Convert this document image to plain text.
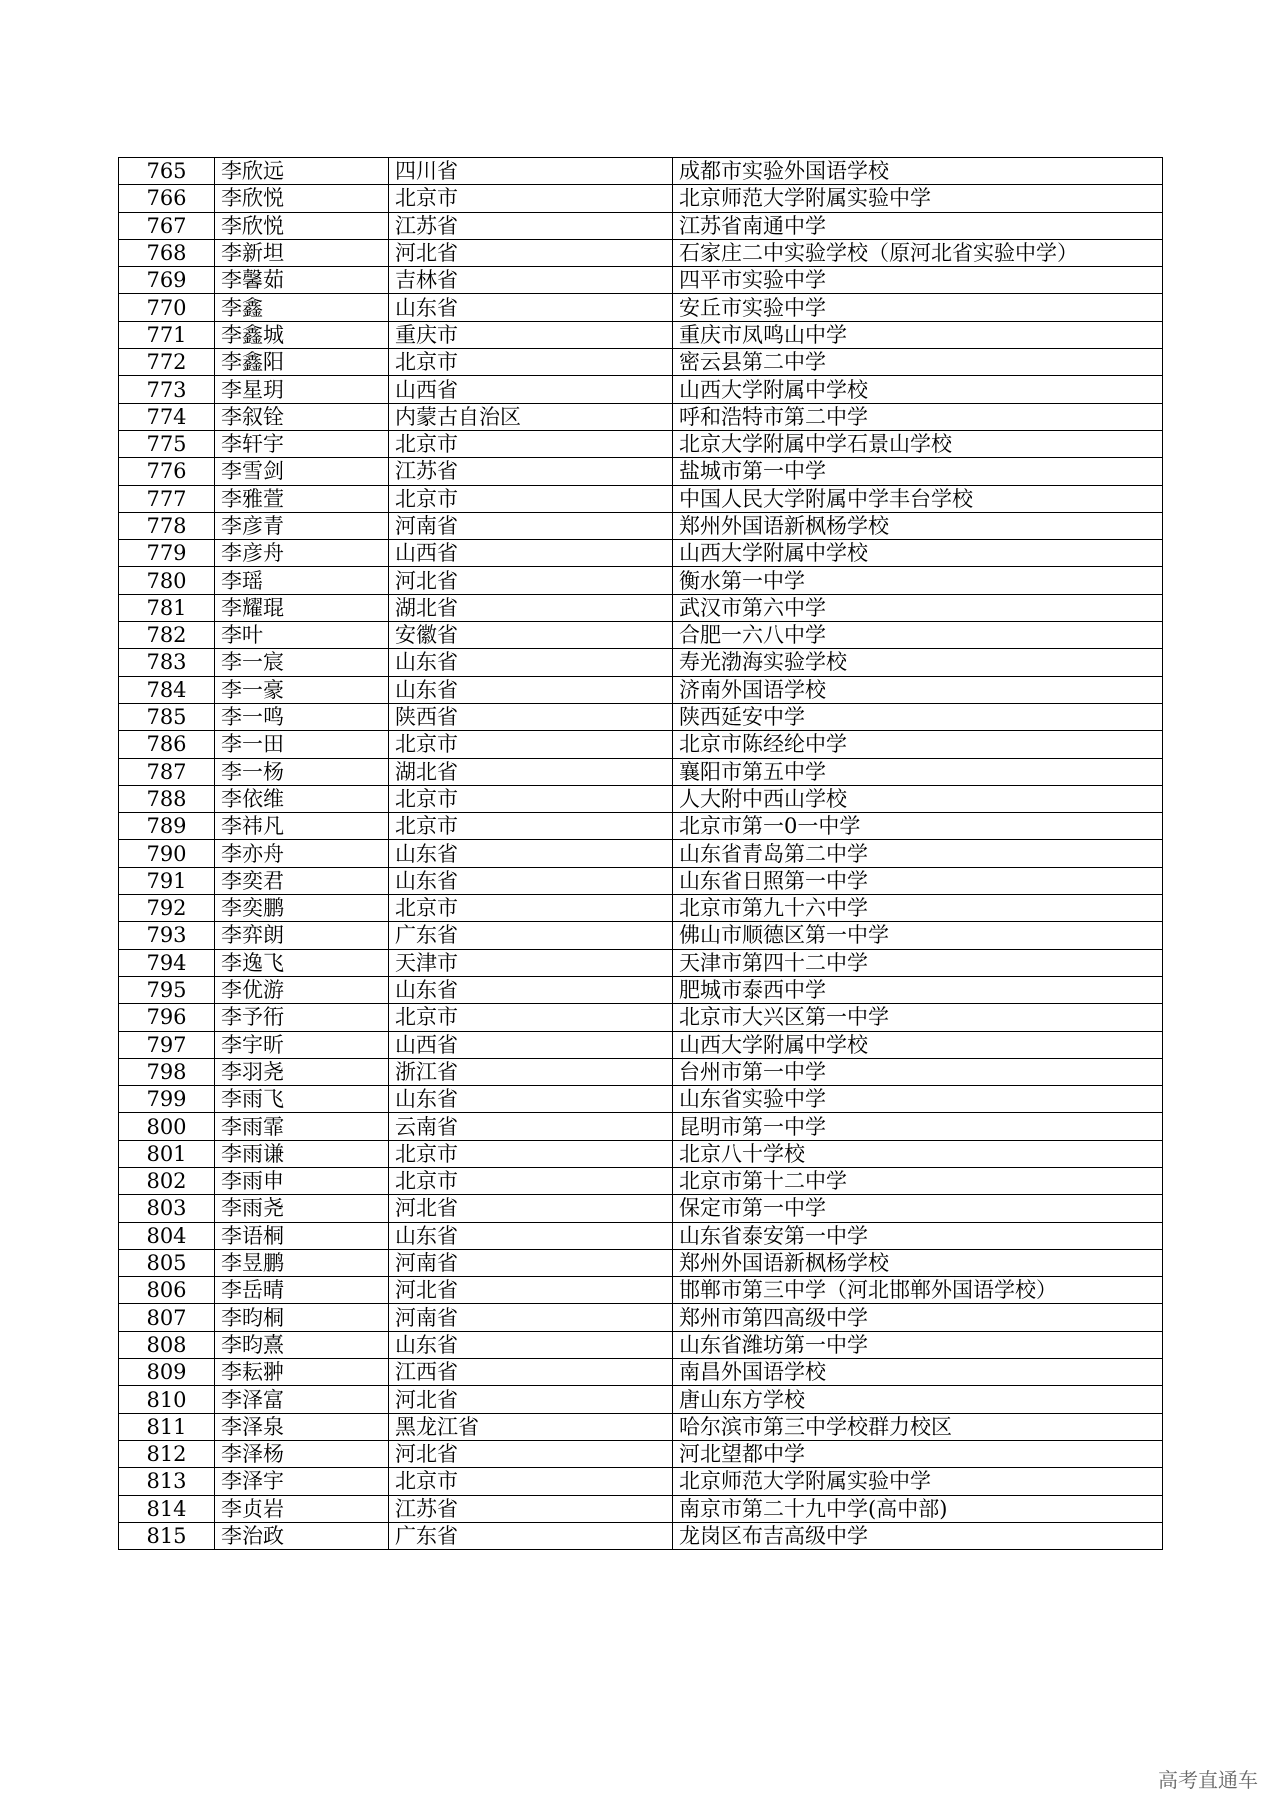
765	李欣远	四川省	成都市实验外国语学校
766	李欣悦	北京市	北京师范大学附属实验中学
767	李欣悦	江苏省	江苏省南通中学
768	李新坦	河北省	石家庄二中实验学校（原河北省实验中学）
769	李馨茹	吉林省	四平市实验中学
770	李鑫	山东省	安丘市实验中学
771	李鑫城	重庆市	重庆市凤鸣山中学
772	李鑫阳	北京市	密云县第二中学
773	李星玥	山西省	山西大学附属中学校
774	李叙铨	内蒙古自治区	呼和浩特市第二中学
775	李轩宇	北京市	北京大学附属中学石景山学校
776	李雪剑	江苏省	盐城市第一中学
777	李雅萱	北京市	中国人民大学附属中学丰台学校
778	李彦青	河南省	郑州外国语新枫杨学校
779	李彦舟	山西省	山西大学附属中学校
780	李瑶	河北省	衡水第一中学
781	李耀琨	湖北省	武汉市第六中学
782	李叶	安徽省	合肥一六八中学
783	李一宸	山东省	寿光渤海实验学校
784	李一豪	山东省	济南外国语学校
785	李一鸣	陕西省	陕西延安中学
786	李一田	北京市	北京市陈经纶中学
787	李一杨	湖北省	襄阳市第五中学
788	李依维	北京市	人大附中西山学校
789	李祎凡	北京市	北京市第一0一中学
790	李亦舟	山东省	山东省青岛第二中学
791	李奕君	山东省	山东省日照第一中学
792	李奕鹏	北京市	北京市第九十六中学
793	李弈朗	广东省	佛山市顺德区第一中学
794	李逸飞	天津市	天津市第四十二中学
795	李优游	山东省	肥城市泰西中学
796	李予衎	北京市	北京市大兴区第一中学
797	李宇昕	山西省	山西大学附属中学校
798	李羽尧	浙江省	台州市第一中学
799	李雨飞	山东省	山东省实验中学
800	李雨霏	云南省	昆明市第一中学
801	李雨谦	北京市	北京八十学校
802	李雨申	北京市	北京市第十二中学
803	李雨尧	河北省	保定市第一中学
804	李语桐	山东省	山东省泰安第一中学
805	李昱鹏	河南省	郑州外国语新枫杨学校
806	李岳晴	河北省	邯郸市第三中学（河北邯郸外国语学校）
807	李昀桐	河南省	郑州市第四高级中学
808	李昀熹	山东省	山东省潍坊第一中学
809	李耘翀	江西省	南昌外国语学校
810	李泽富	河北省	唐山东方学校
811	李泽泉	黑龙江省	哈尔滨市第三中学校群力校区
812	李泽杨	河北省	河北望都中学
813	李泽宇	北京市	北京师范大学附属实验中学
814	李贞岩	江苏省	南京市第二十九中学(高中部)
815	李治政	广东省	龙岗区布吉高级中学
高考直通车
